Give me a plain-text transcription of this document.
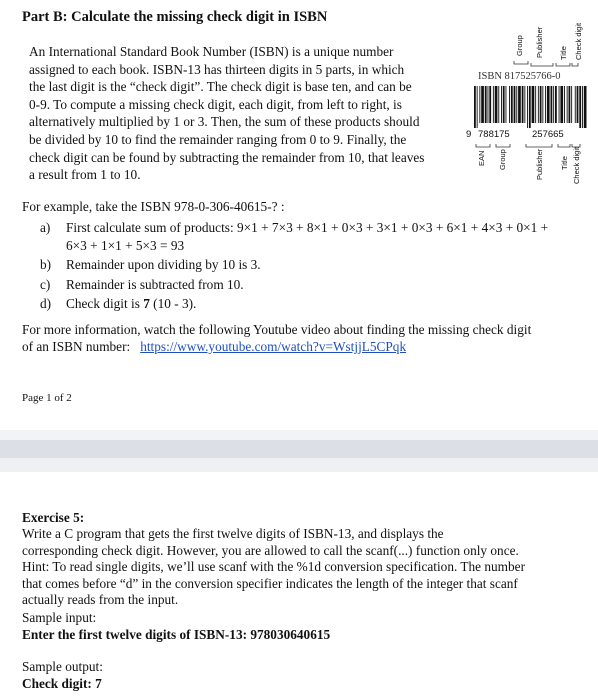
Part B: Calculate the missing check digit in ISBN
An International Standard Book Number (ISBN) is a unique number
assigned to each book. ISBN-13 has thirteen digits in 5 parts, in which
the last digit is the “check digit”. The check digit is base ten, and can be
0-9. To compute a missing check digit, each digit, from left to right, is
alternatively multiplied by 1 or 3. Then, the sum of these products should
be divided by 10 to find the remainder ranging from 0 to 9. Finally, the
check digit can be found by subtracting the remainder from 10, that leaves
a result from 1 to 10.
Group Publisher Title Check digit
ISBN 817525766-0
9 788175 257665
EAN Group	Publisher Title Check digit
For example, take the ISBN 978-0-306-40615-? :
a) First calculate sum of products: 9×1 + 7×3 + 8×1 + 0×3 + 3×1 + 0×3 + 6×1 + 4×3 + 0×1 +
6×3 + 1×1 + 5×3 = 93
b) Remainder upon dividing by 10 is 3.
c) Remainder is subtracted from 10.
d) Check digit is 7 (10 - 3).
For more information, watch the following Youtube video about finding the missing check digit
of an ISBN number: https://www.youtube.com/watch?v=WstjjL5CPqk
Page 1 of 2
Exercise 5:
Write a C program that gets the first twelve digits of ISBN-13, and displays the
corresponding check digit. However, you are allowed to call the scanf(...) function only once.
Hint: To read single digits, we’ll use scanf with the %1d conversion specification. The number
that comes before “d” in the conversion specifier indicates the length of the integer that scanf
actually reads from the input.
Sample input:
Enter the first twelve digits of ISBN-13: 978030640615
Sample output:
Check digit: 7
